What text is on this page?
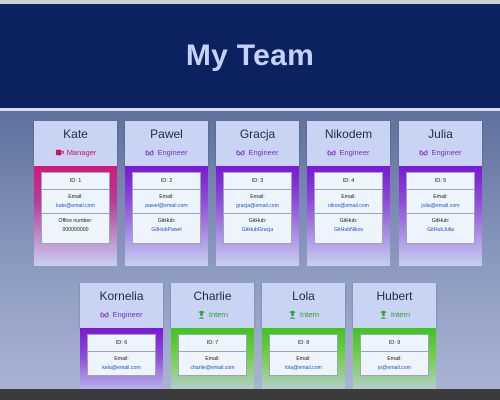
My Team
Kate
Manager
ID: 1
Email:
kate@email.com
Office number:
000000000
Pawel
Engineer
ID: 2
Email:
pawel@email.com
GitHub:
GitHubPawel
Gracja
Engineer
ID: 3
Email:
gracja@email.com
GitHub:
GitHubGracja
Nikodem
Engineer
ID: 4
Email:
nikos@email.com
GitHub:
GitHubNikos
Julia
Engineer
ID: 5
Email:
julia@email.com
GitHub:
GitHubJulia
Kornelia
Engineer
ID: 6
Email:
kela@email.com
Charlie
Intern
ID: 7
Email:
charlie@email.com
Lola
Intern
ID: 8
Email:
lola@email.com
Hubert
Intern
ID: 9
Email:
jo@email.com
